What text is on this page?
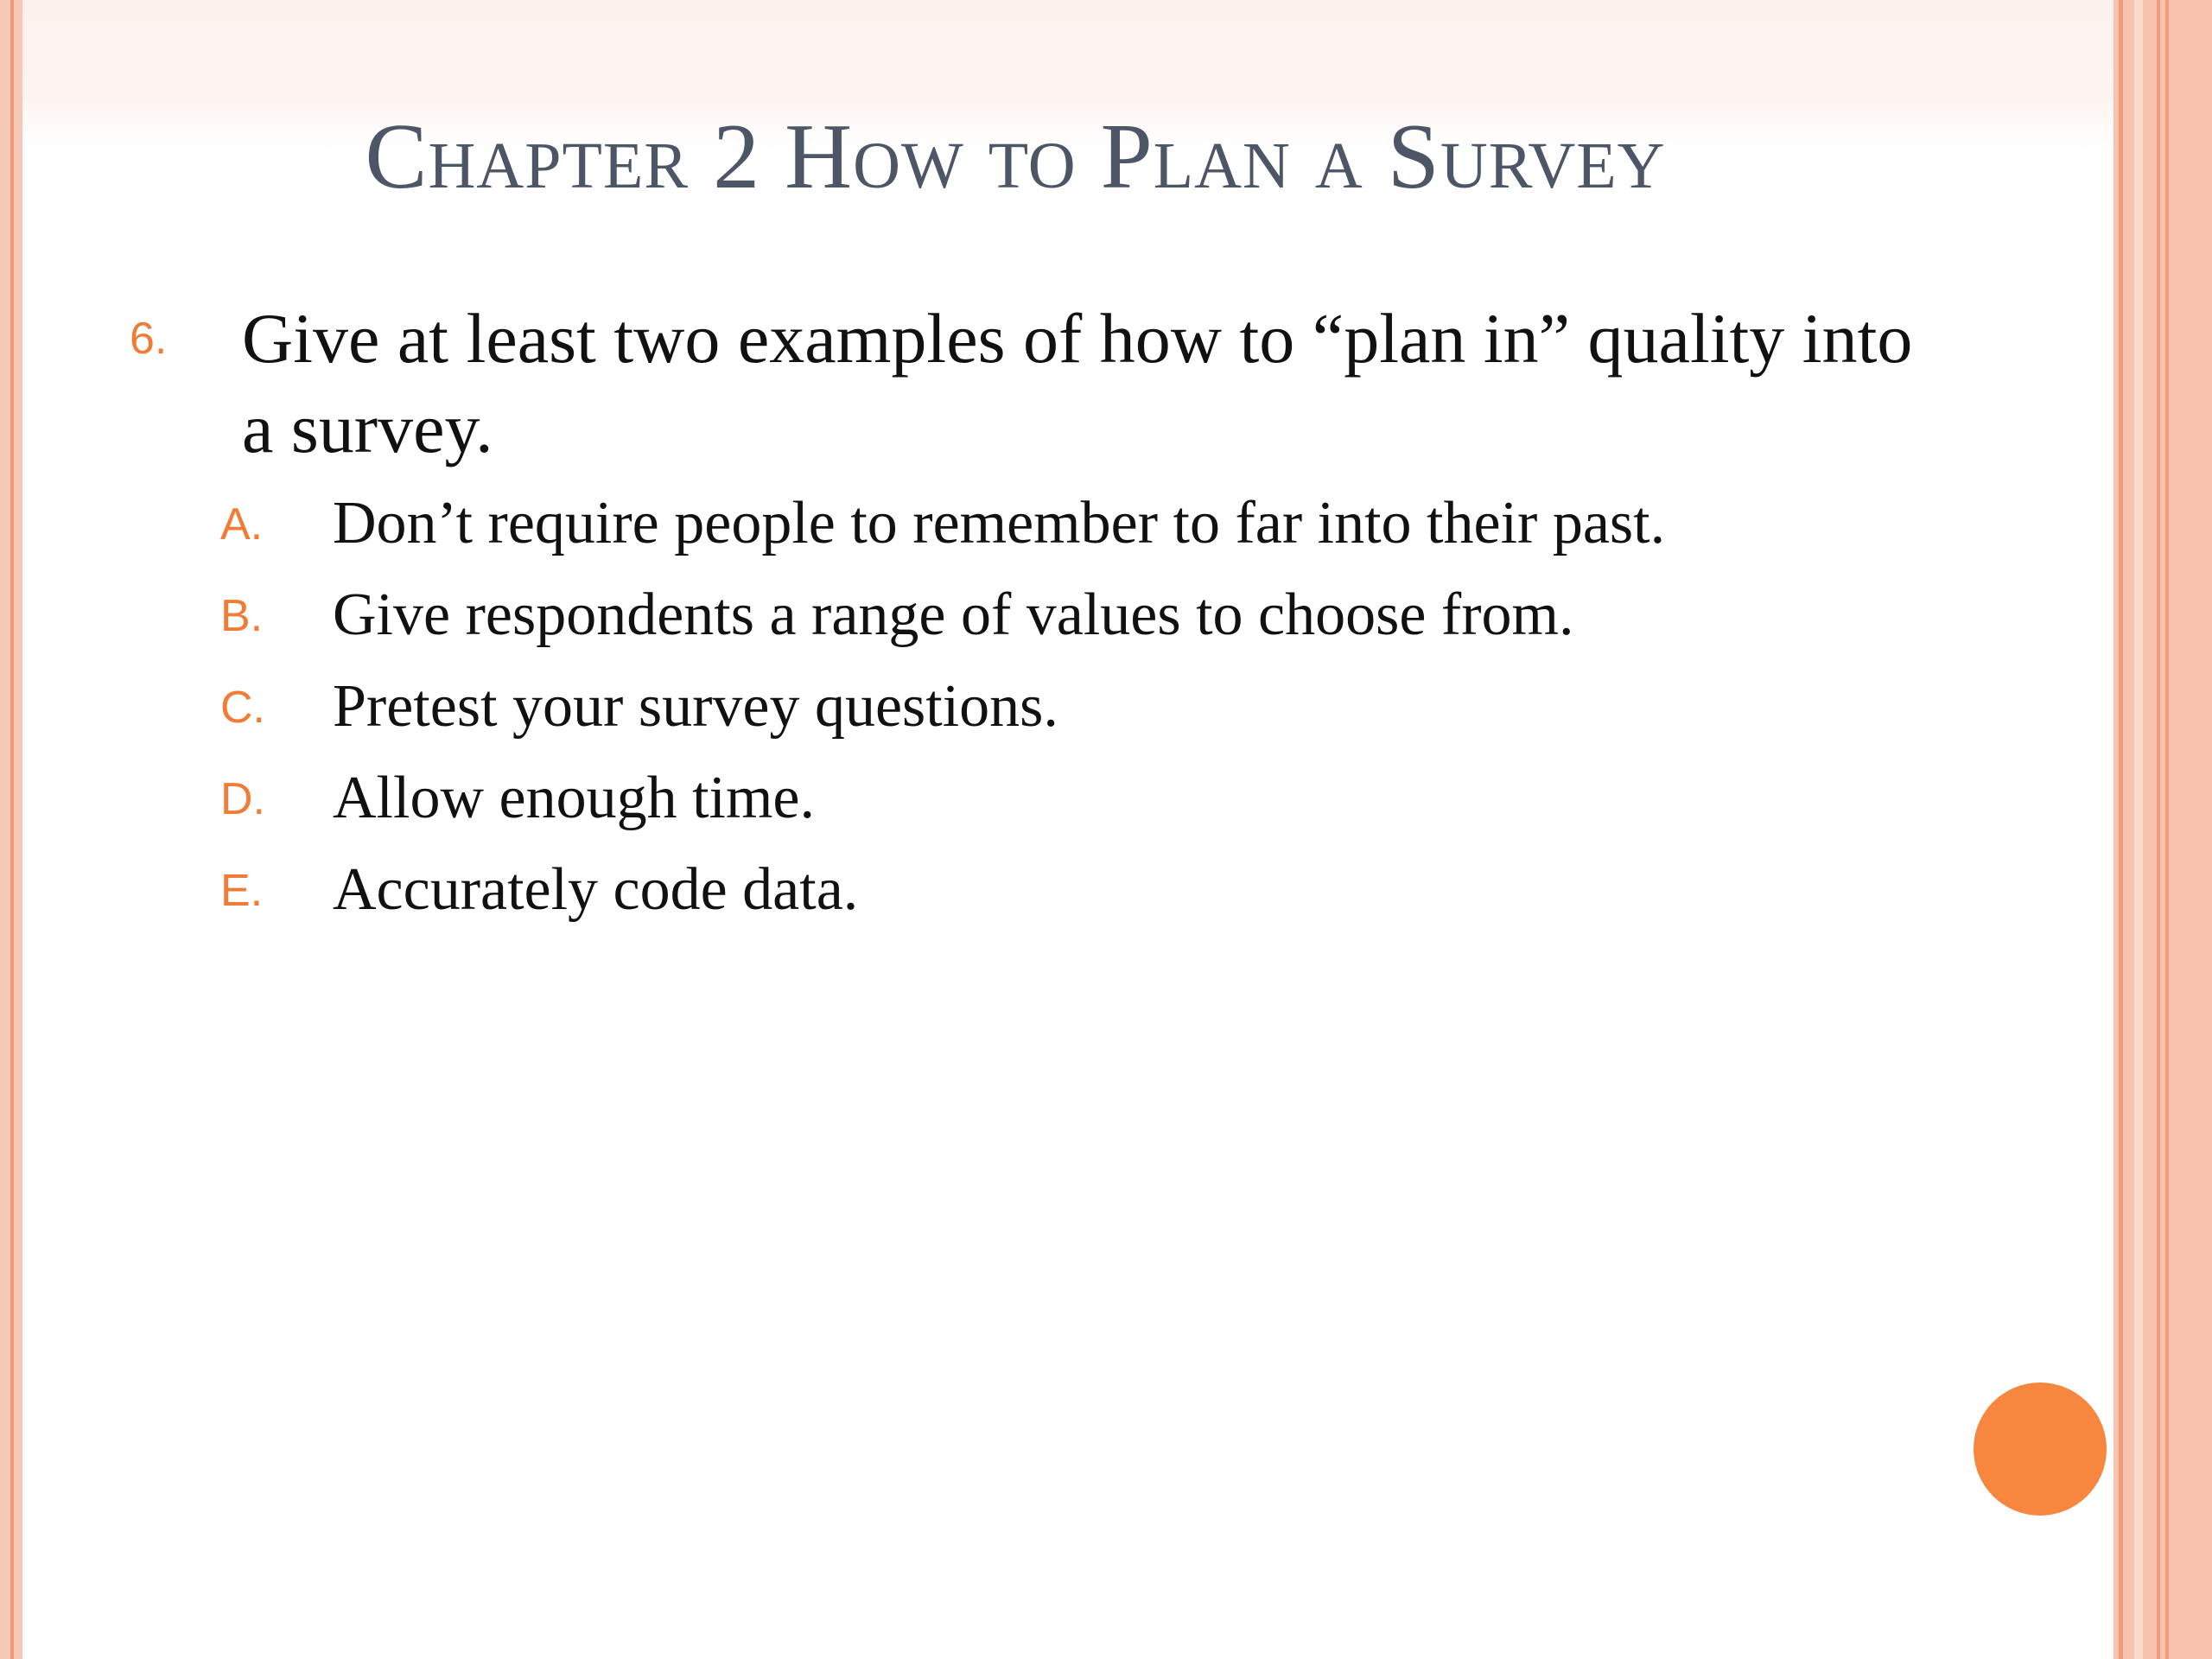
Chapter 2 How to Plan a Survey
6. Give at least two examples of how to “plan in” quality into a survey.
A. Don’t require people to remember to far into their past.
B. Give respondents a range of values to choose from.
C. Pretest your survey questions.
D. Allow enough time.
E. Accurately code data.
